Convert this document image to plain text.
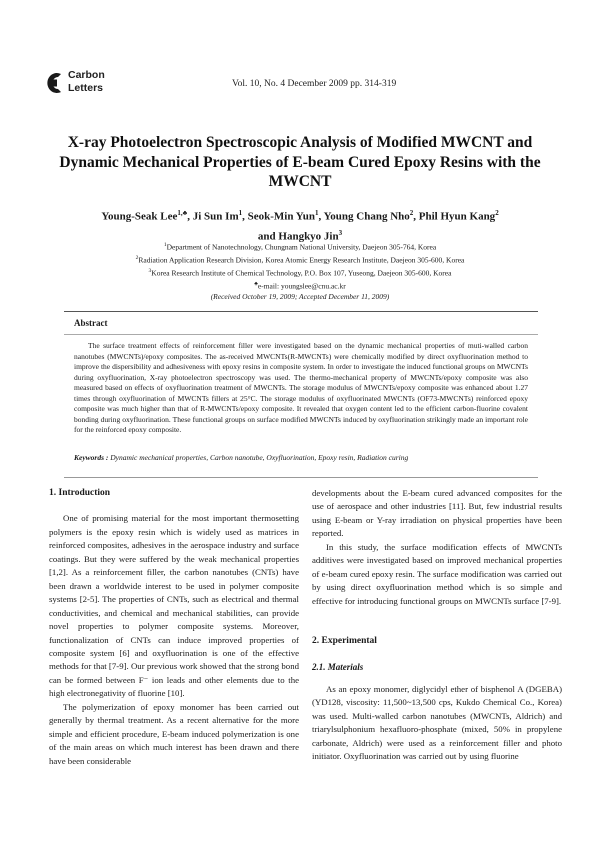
Carbon
Letters	Vol. 10, No. 4 December 2009 pp. 314-319
X-ray Photoelectron Spectroscopic Analysis of Modified MWCNT and Dynamic Mechanical Properties of E-beam Cured Epoxy Resins with the MWCNT
Young-Seak Lee$^{1,♣}$, Ji Sun Im$^1$, Seok-Min Yun$^1$, Young Chang Nho$^2$, Phil Hyun Kang$^2$
and Hangkyo Jin$^3$
$^1$Department of Nanotechnology, Chungnam National University, Daejeon 305-764, Korea
$^2$Radiation Application Research Division, Korea Atomic Energy Research Institute, Daejeon 305-600, Korea
$^3$Korea Research Institute of Chemical Technology, P.O. Box 107, Yuseong, Daejeon 305-600, Korea
♣e-mail: youngslee@cnu.ac.kr
(Received October 19, 2009; Accepted December 11, 2009)
Abstract
The surface treatment effects of reinforcement filler were investigated based on the dynamic mechanical properties of muti-walled carbon nanotubes (MWCNTs)/epoxy composites. The as-received MWCNTs(R-MWCNTs) were chemically modified by direct oxyfluorination method to improve the dispersibility and adhesiveness with epoxy resins in composite system. In order to investigate the induced functional groups on MWCNTs during oxyfluorination, X-ray photoelectron spectroscopy was used. The thermo-mechanical property of MWCNTs/epoxy composite was also measured based on effects of oxyfluorination treatment of MWCNTs. The storage modulus of MWCNTs/epoxy composite was enhanced about 1.27 times through oxyfluorination of MWCNTs fillers at 25°C. The storage modulus of oxyfluorinated MWCNTs (OF73-MWCNTs) reinforced epoxy composite was much higher than that of R-MWCNTs/epoxy composite. It revealed that oxygen content led to the efficient carbon-fluorine covalent bonding during oxyfluorination. These functional groups on surface modified MWCNTs induced by oxyfluorination strikingly made an important role for the reinforced epoxy composite.
Keywords : Dynamic mechanical properties, Carbon nanotube, Oxyfluorination, Epoxy resin, Radiation curing
1. Introduction

One of promising material for the most important thermosetting polymers is the epoxy resin which is widely used as matrices in reinforced composites, adhesives in the aerospace industry and surface coatings. But they were suffered by the weak mechanical properties [1,2]. As a reinforcement filler, the carbon nanotubes (CNTs) have been drawn a worldwide interest to be used in polymer composite systems [2-5]. The properties of CNTs, such as electrical and thermal conductivities, and chemical and mechanical stabilities, can provide novel properties to polymer composite systems. Moreover, functionalization of CNTs can induce improved properties of composite system [6] and oxyfluorination is one of the effective methods for that [7-9]. Our previous work showed that the strong bond can be formed between F⁻ ion leads and other elements due to the high electronegativity of fluorine [10].

The polymerization of epoxy monomer has been carried out generally by thermal treatment. As a recent alternative for the more simple and efficient procedure, E-beam induced polymerization is one of the main areas on which much interest has been drawn and there have been considerable

developments about the E-beam cured advanced composites for the use of aerospace and other industries [11]. But, few industrial results using E-beam or Y-ray irradiation on physical properties have been reported.

In this study, the surface modification effects of MWCNTs additives were investigated based on improved mechanical properties of e-beam cured epoxy resin. The surface modification was carried out by using direct oxyfluorination method which is so simple and effective for introducing functional groups on MWCNTs surface [7-9].

2. Experimental
2.1. Materials

As an epoxy monomer, diglycidyl ether of bisphenol A (DGEBA) (YD128, viscosity: 11,500~13,500 cps, Kukdo Chemical Co., Korea) was used. Multi-walled carbon nanotubes (MWCNTs, Aldrich) and triarylsulphonium hexafluoro-phosphate (mixed, 50% in propylene carbonate, Aldrich) were used as a reinforcement filler and photo initiator. Oxyfluorination was carried out by using fluorine
